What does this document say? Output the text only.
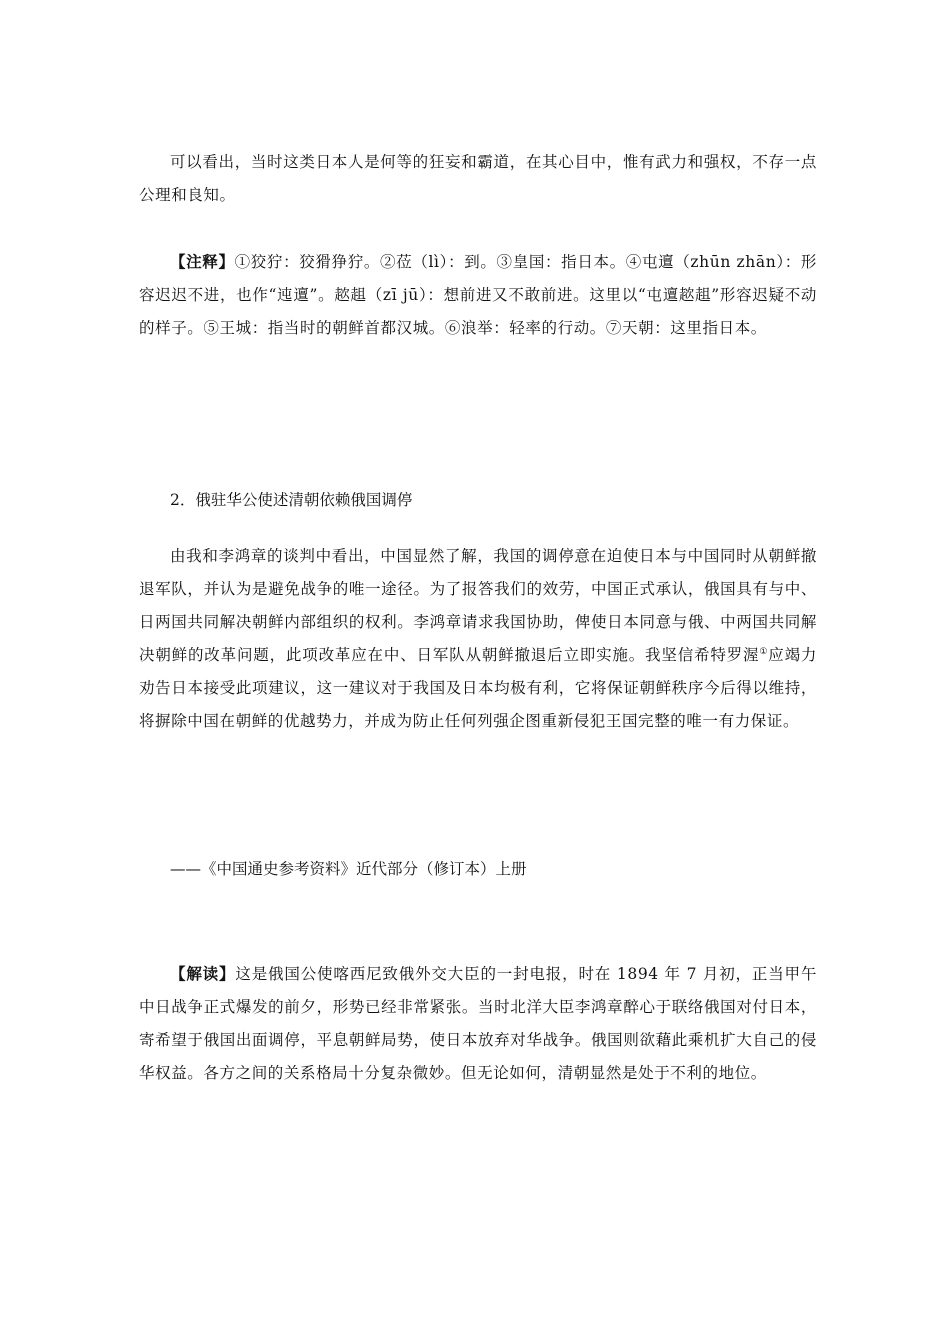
可以看出，当时这类日本人是何等的狂妄和霸道，在其心目中，惟有武力和强权，不存一点公理和良知。

【注释】①狡狞：狡猾狰狞。②莅（lì）：到。③皇国：指日本。④屯邅（zhūn zhān）：形容迟迟不进，也作“迍邅”。趑趄（zī jū）：想前进又不敢前进。这里以“屯邅趑趄”形容迟疑不动的样子。⑤王城：指当时的朝鲜首都汉城。⑥浪举：轻率的行动。⑦天朝：这里指日本。

2．俄驻华公使述清朝依赖俄国调停

由我和李鸿章的谈判中看出，中国显然了解，我国的调停意在迫使日本与中国同时从朝鲜撤退军队，并认为是避免战争的唯一途径。为了报答我们的效劳，中国正式承认，俄国具有与中、日两国共同解决朝鲜内部组织的权利。李鸿章请求我国协助，俾使日本同意与俄、中两国共同解决朝鲜的改革问题，此项改革应在中、日军队从朝鲜撤退后立即实施。我坚信希特罗渥①应竭力劝告日本接受此项建议，这一建议对于我国及日本均极有利，它将保证朝鲜秩序今后得以维持，将摒除中国在朝鲜的优越势力，并成为防止任何列强企图重新侵犯王国完整的唯一有力保证。

——《中国通史参考资料》近代部分（修订本）上册

【解读】这是俄国公使喀西尼致俄外交大臣的一封电报，时在 1894 年 7 月初，正当甲午中日战争正式爆发的前夕，形势已经非常紧张。当时北洋大臣李鸿章醉心于联络俄国对付日本，寄希望于俄国出面调停，平息朝鲜局势，使日本放弃对华战争。俄国则欲藉此乘机扩大自己的侵华权益。各方之间的关系格局十分复杂微妙。但无论如何，清朝显然是处于不利的地位。
